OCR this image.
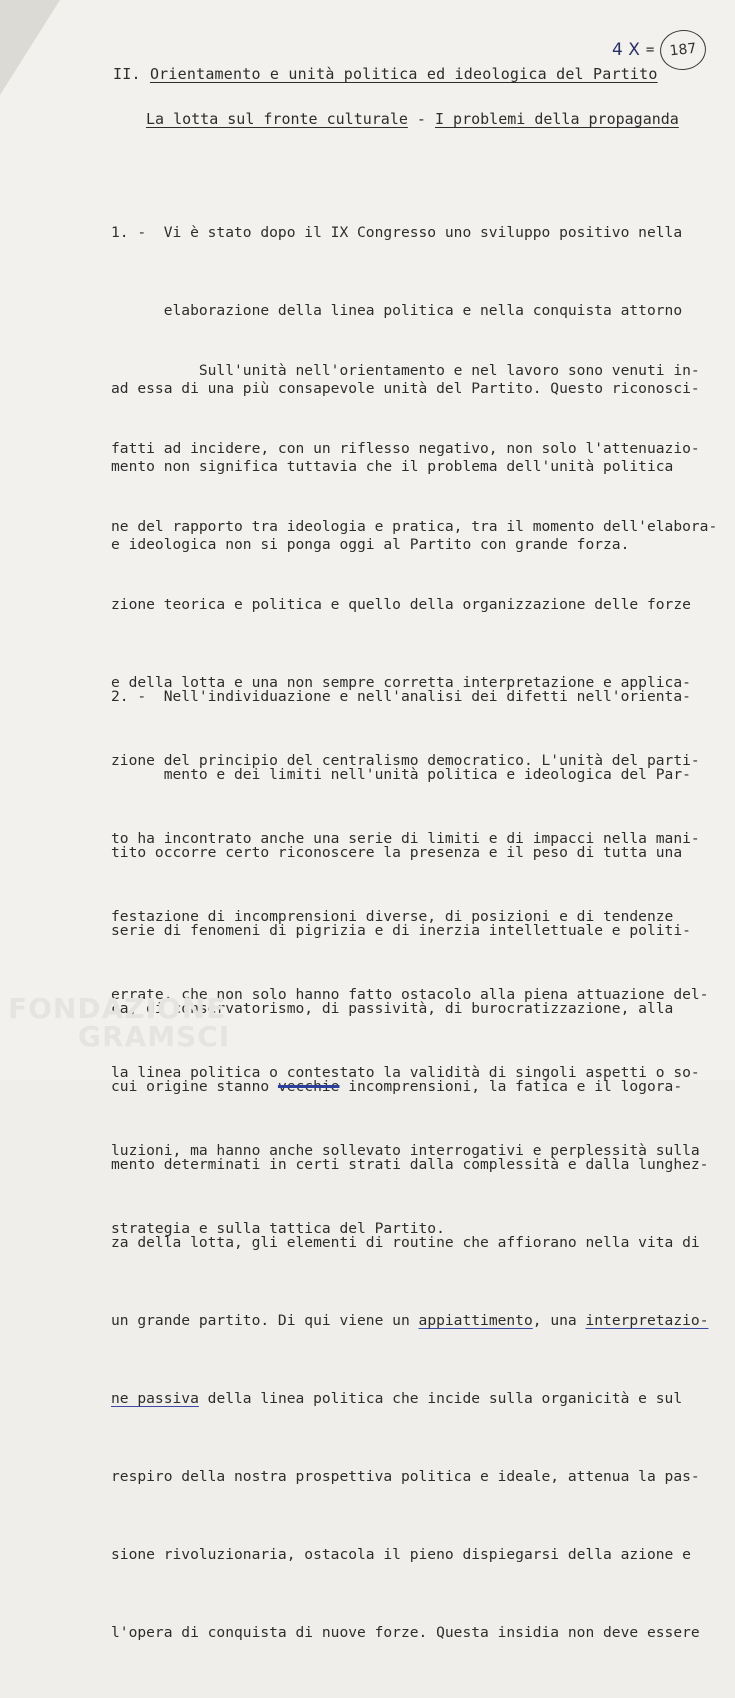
4 X =	187
II. Orientamento e unità politica ed ideologica del Partito
La lotta sul fronte culturale - I problemi della propaganda

1. -  Vi è stato dopo il IX Congresso uno sviluppo positivo nella

elaborazione della linea politica e nella conquista attorno

ad essa di una più consapevole unità del Partito. Questo riconosci-

mento non significa tuttavia che il problema dell'unità politica

e ideologica non si ponga oggi al Partito con grande forza.

Sull'unità nell'orientamento e nel lavoro sono venuti in-

fatti ad incidere, con un riflesso negativo, non solo l'attenuazio-

ne del rapporto tra ideologia e pratica, tra il momento dell'elabora-

zione teorica e politica e quello della organizzazione delle forze

e della lotta e una non sempre corretta interpretazione e applica-

zione del principio del centralismo democratico. L'unità del parti-

to ha incontrato anche una serie di limiti e di impacci nella mani-

festazione di incomprensioni diverse, di posizioni e di tendenze

errate, che non solo hanno fatto ostacolo alla piena attuazione del-

la linea politica o contestato la validità di singoli aspetti o so-

luzioni, ma hanno anche sollevato interrogativi e perplessità sulla

strategia e sulla tattica del Partito.

2. -  Nell'individuazione e nell'analisi dei difetti nell'orienta-

mento e dei limiti nell'unità politica e ideologica del Par-

tito occorre certo riconoscere la presenza e il peso di tutta una

serie di fenomeni di pigrizia e di inerzia intellettuale e politi-

ca, di conservatorismo, di passività, di burocratizzazione, alla

cui origine stanno vecchie incomprensioni, la fatica e il logora-

mento determinati in certi strati dalla complessità e dalla lunghez-

za della lotta, gli elementi di routine che affiorano nella vita di

un grande partito. Di qui viene un appiattimento, una interpretazio-

ne passiva della linea politica che incide sulla organicità e sul

respiro della nostra prospettiva politica e ideale, attenua la pas-

sione rivoluzionaria, ostacola il pieno dispiegarsi della azione e

l'opera di conquista di nuove forze. Questa insidia non deve essere

FONDAZIONE
GRAMSCI
